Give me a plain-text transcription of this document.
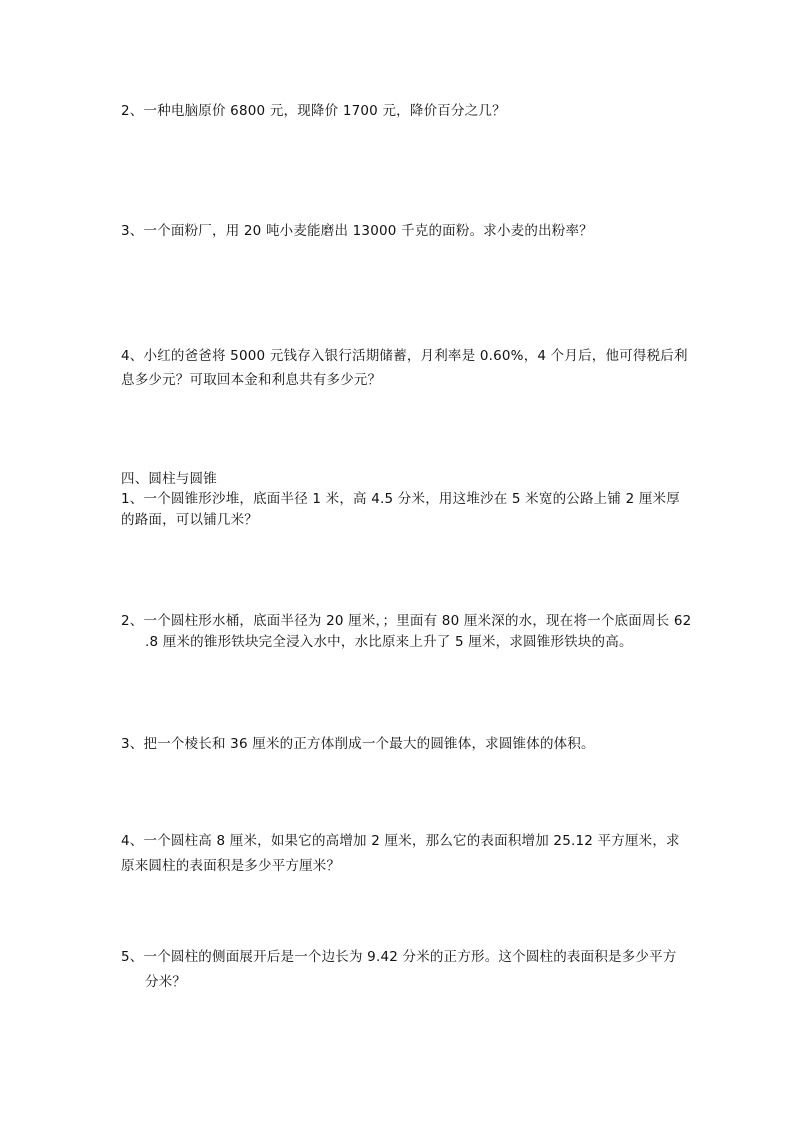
2、一种电脑原价 6800 元，现降价 1700 元，降价百分之几？
3、一个面粉厂，用 20 吨小麦能磨出 13000 千克的面粉。求小麦的出粉率？
4、小红的爸爸将 5000 元钱存入银行活期储蓄，月利率是 0.60%，4 个月后，他可得税后利
息多少元？可取回本金和利息共有多少元？
四、圆柱与圆锥
1、一个圆锥形沙堆，底面半径 1 米，高 4.5 分米，用这堆沙在 5 米宽的公路上铺 2 厘米厚
的路面，可以铺几米？
2、一个圆柱形水桶，底面半径为 20 厘米，；里面有 80 厘米深的水，现在将一个底面周长 62
.8 厘米的锥形铁块完全浸入水中，水比原来上升了 5 厘米，求圆锥形铁块的高。
3、把一个棱长和 36 厘米的正方体削成一个最大的圆锥体，求圆锥体的体积。
4、一个圆柱高 8 厘米，如果它的高增加 2 厘米，那么它的表面积增加 25.12 平方厘米，求
原来圆柱的表面积是多少平方厘米？
5、一个圆柱的侧面展开后是一个边长为 9.42 分米的正方形。这个圆柱的表面积是多少平方
分米？
